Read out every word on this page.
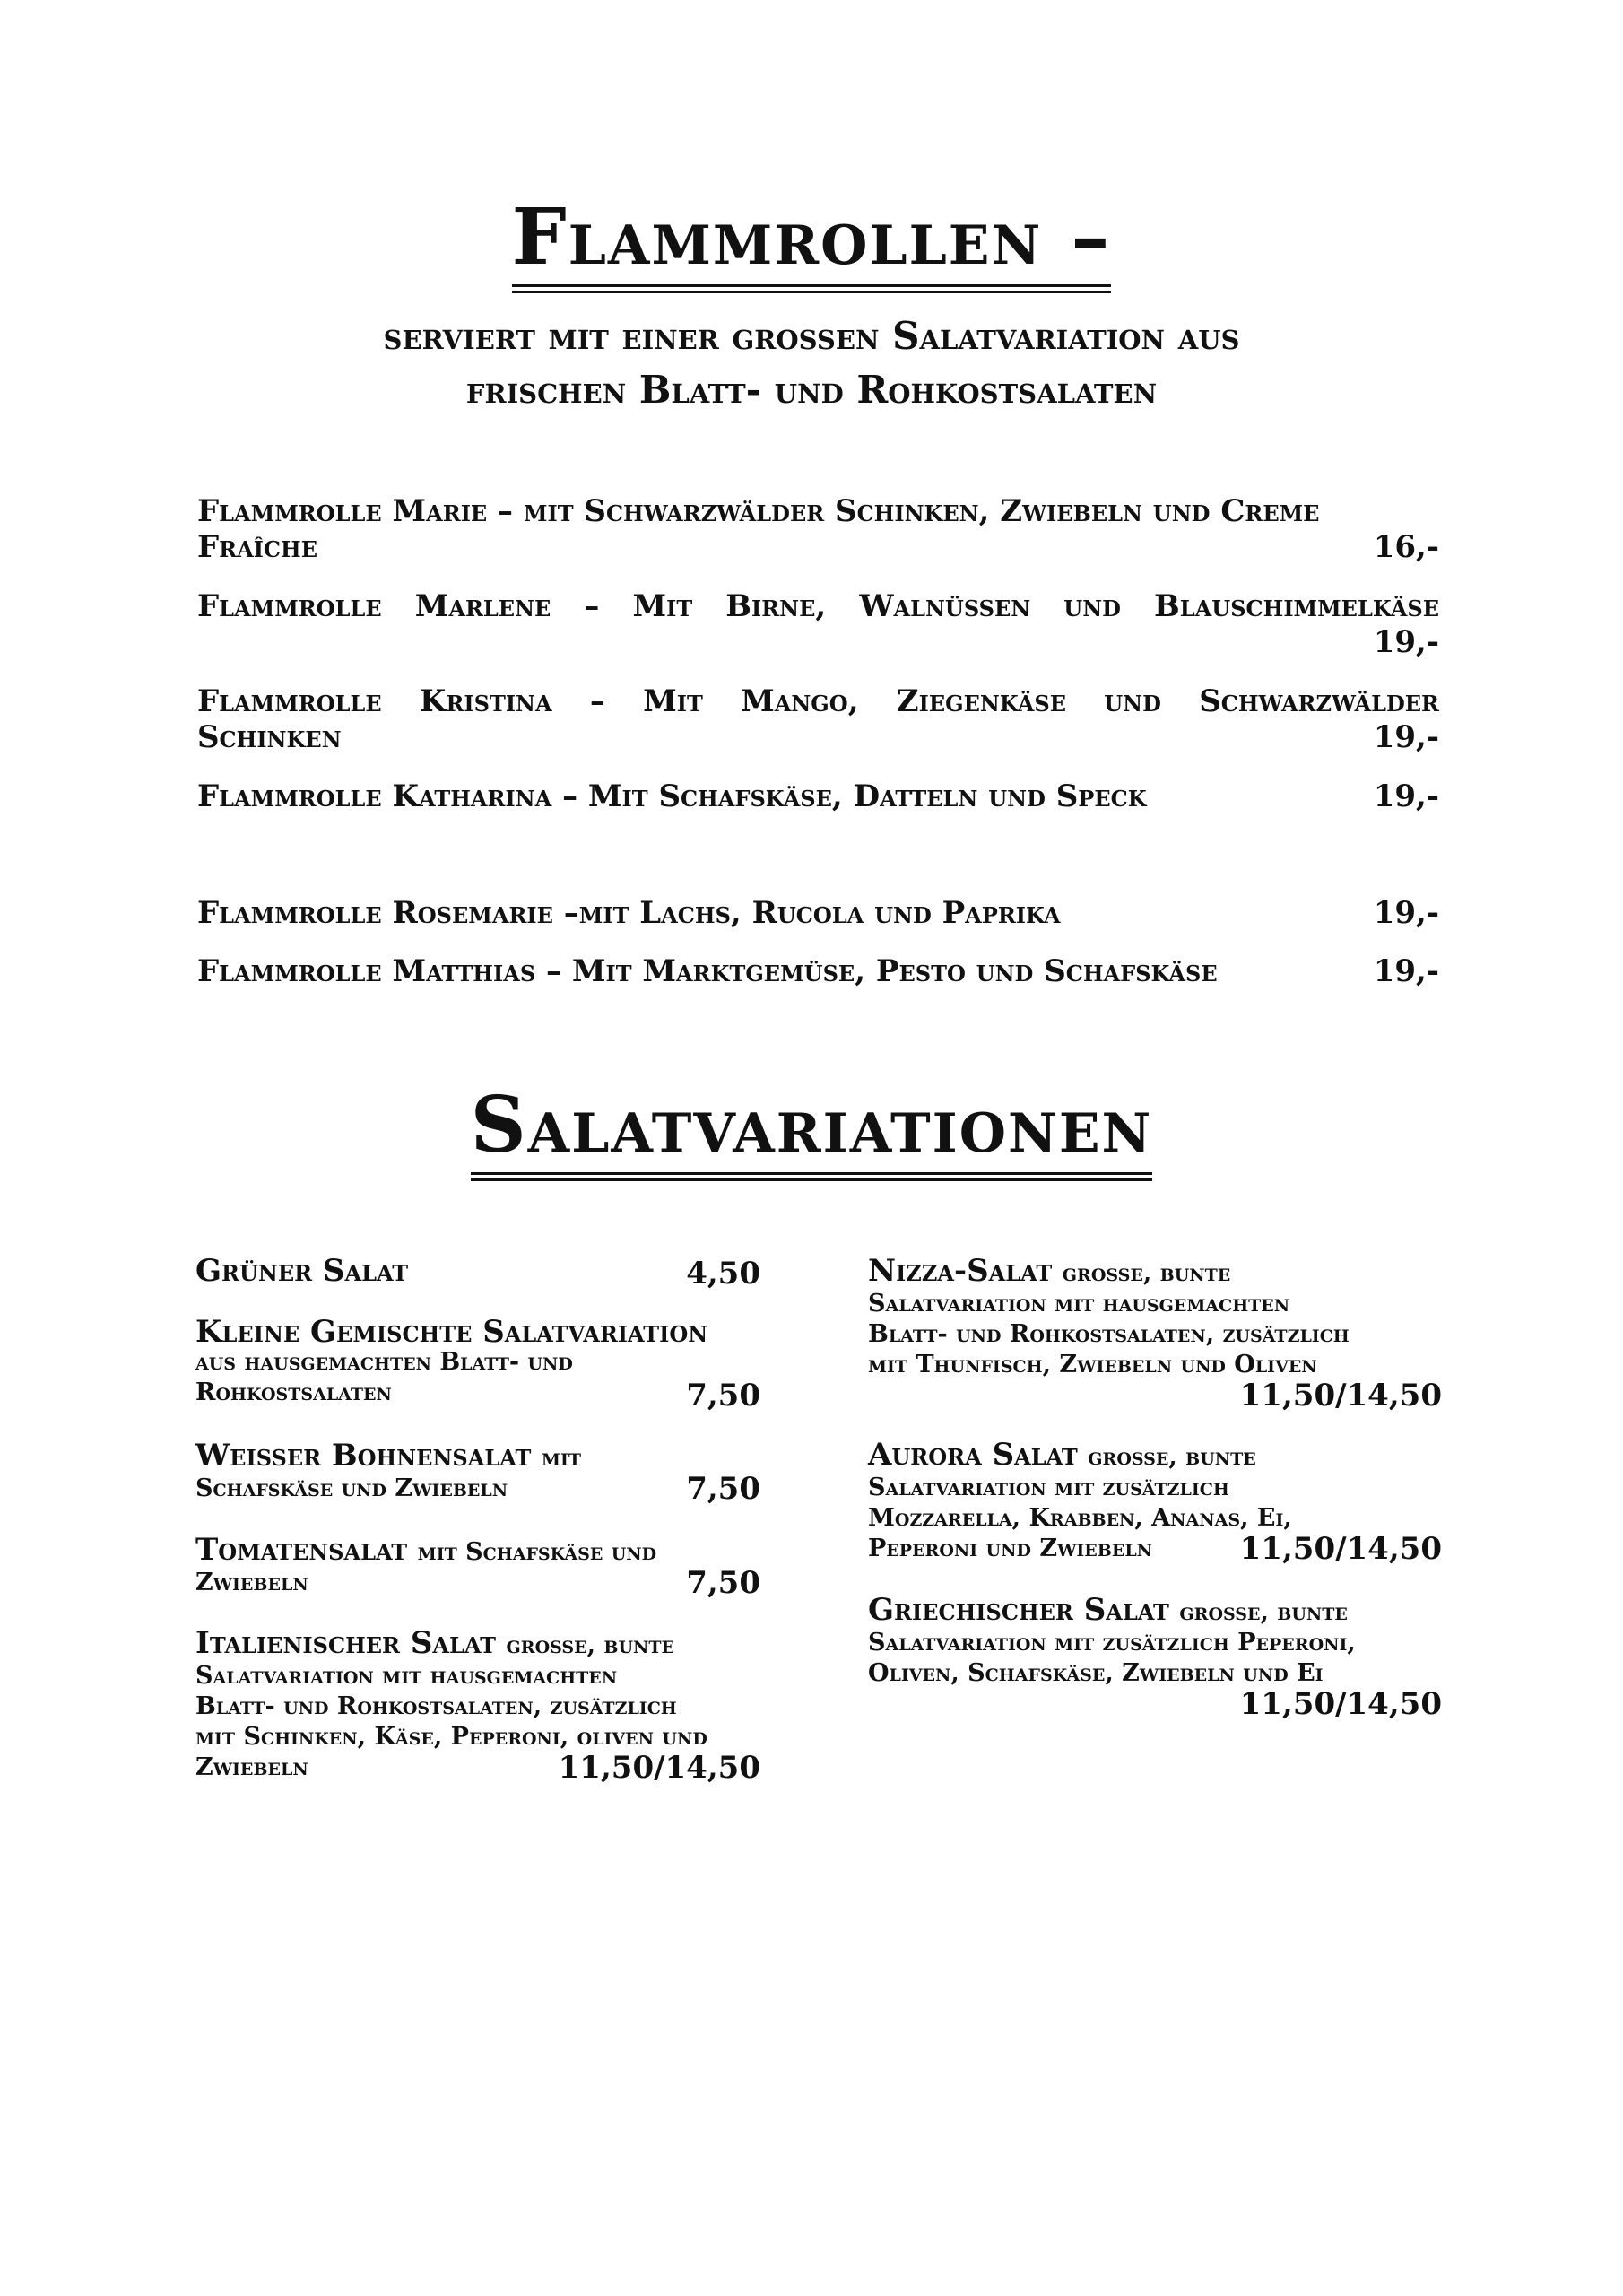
Flammrollen –
serviert mit einer grossen Salatvariation aus
frischen Blatt- und Rohkostsalaten
Flammrolle Marie – mit Schwarzwälder Schinken, Zwiebeln und Creme
Fraîche	16,-
Flammrolle Marlene – Mit Birne, Walnüssen und Blauschimmelkäse
19,-
Flammrolle Kristina – Mit Mango, Ziegenkäse und Schwarzwälder
Schinken	19,-
Flammrolle Katharina – Mit Schafskäse, Datteln und Speck	19,-
Flammrolle Rosemarie –mit Lachs, Rucola und Paprika	19,-
Flammrolle Matthias – Mit Marktgemüse, Pesto und Schafskäse	19,-
Salatvariationen
Grüner Salat	4,50
Kleine Gemischte Salatvariation
aus hausgemachten Blatt- und
Rohkostsalaten	7,50
Weisser Bohnensalat mit
Schafskäse und Zwiebeln	7,50
Tomatensalat mit Schafskäse und
Zwiebeln	7,50
Italienischer Salat grosse, bunte
Salatvariation mit hausgemachten
Blatt- und Rohkostsalaten, zusätzlich
mit Schinken, Käse, Peperoni, oliven und
Zwiebeln	11,50/14,50
Nizza-Salat grosse, bunte
Salatvariation mit hausgemachten
Blatt- und Rohkostsalaten, zusätzlich
mit Thunfisch, Zwiebeln und Oliven
11,50/14,50
Aurora Salat grosse, bunte
Salatvariation mit zusätzlich
Mozzarella, Krabben, Ananas, Ei,
Peperoni und Zwiebeln	11,50/14,50
Griechischer Salat grosse, bunte
Salatvariation mit zusätzlich Peperoni,
Oliven, Schafskäse, Zwiebeln und Ei
11,50/14,50
